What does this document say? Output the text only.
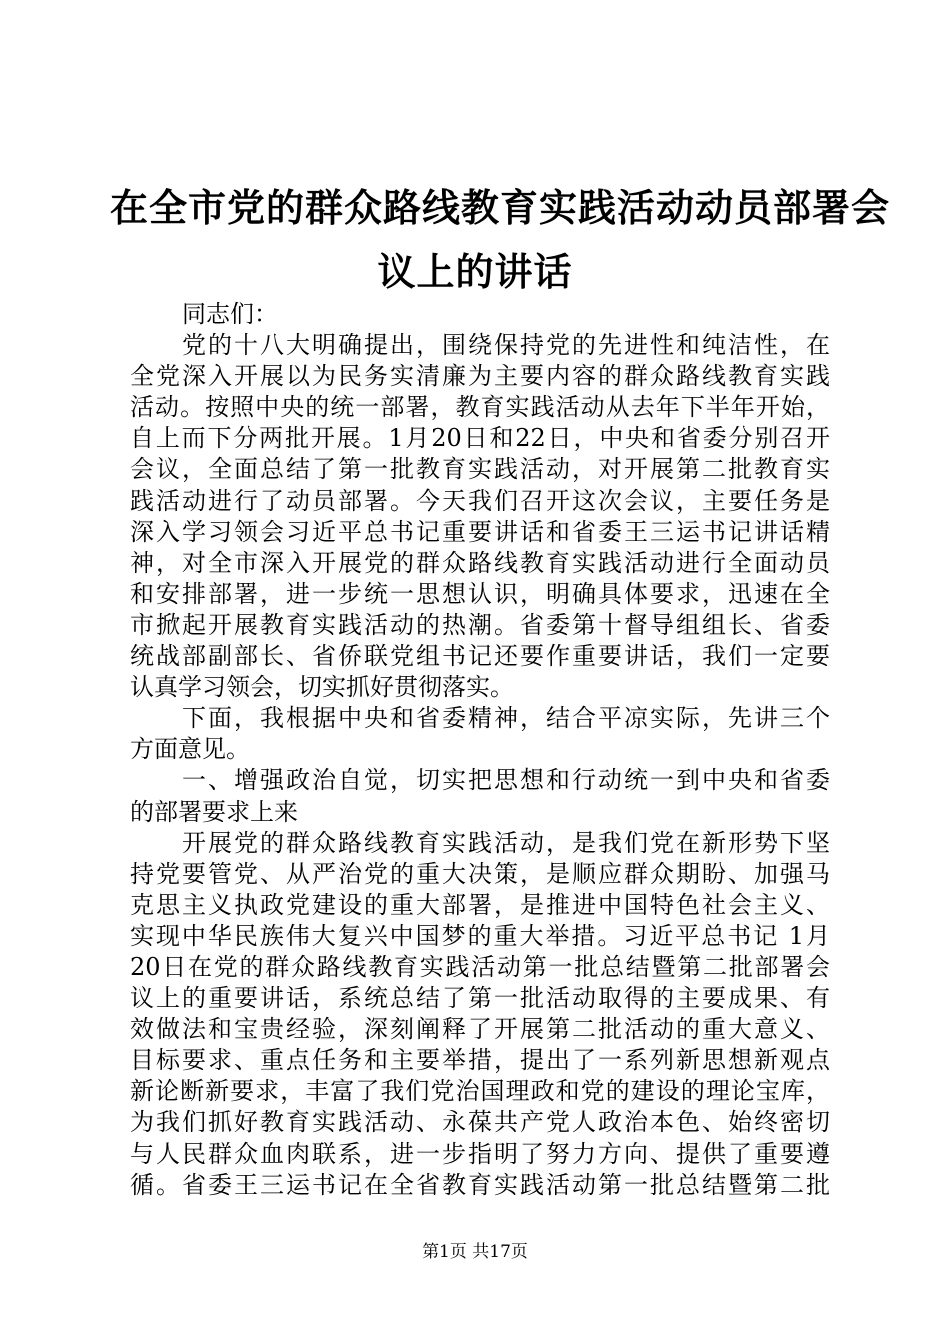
在全市党的群众路线教育实践活动动员部署会
议上的讲话
同志们：
党的十八大明确提出，围绕保持党的先进性和纯洁性，在
全党深入开展以为民务实清廉为主要内容的群众路线教育实践
活动。按照中央的统一部署，教育实践活动从去年下半年开始，
自上而下分两批开展。1月20日和22日，中央和省委分别召开
会议，全面总结了第一批教育实践活动，对开展第二批教育实
践活动进行了动员部署。今天我们召开这次会议，主要任务是
深入学习领会习近平总书记重要讲话和省委王三运书记讲话精
神，对全市深入开展党的群众路线教育实践活动进行全面动员
和安排部署，进一步统一思想认识，明确具体要求，迅速在全
市掀起开展教育实践活动的热潮。省委第十督导组组长、省委
统战部副部长、省侨联党组书记还要作重要讲话，我们一定要
认真学习领会，切实抓好贯彻落实。
下面，我根据中央和省委精神，结合平凉实际，先讲三个
方面意见。
一、增强政治自觉，切实把思想和行动统一到中央和省委
的部署要求上来
开展党的群众路线教育实践活动，是我们党在新形势下坚
持党要管党、从严治党的重大决策，是顺应群众期盼、加强马
克思主义执政党建设的重大部署，是推进中国特色社会主义、
实现中华民族伟大复兴中国梦的重大举措。习近平总书记 1月
20日在党的群众路线教育实践活动第一批总结暨第二批部署会
议上的重要讲话，系统总结了第一批活动取得的主要成果、有
效做法和宝贵经验，深刻阐释了开展第二批活动的重大意义、
目标要求、重点任务和主要举措，提出了一系列新思想新观点
新论断新要求，丰富了我们党治国理政和党的建设的理论宝库，
为我们抓好教育实践活动、永葆共产党人政治本色、始终密切
与人民群众血肉联系，进一步指明了努力方向、提供了重要遵
循。省委王三运书记在全省教育实践活动第一批总结暨第二批
第1页 共17页
